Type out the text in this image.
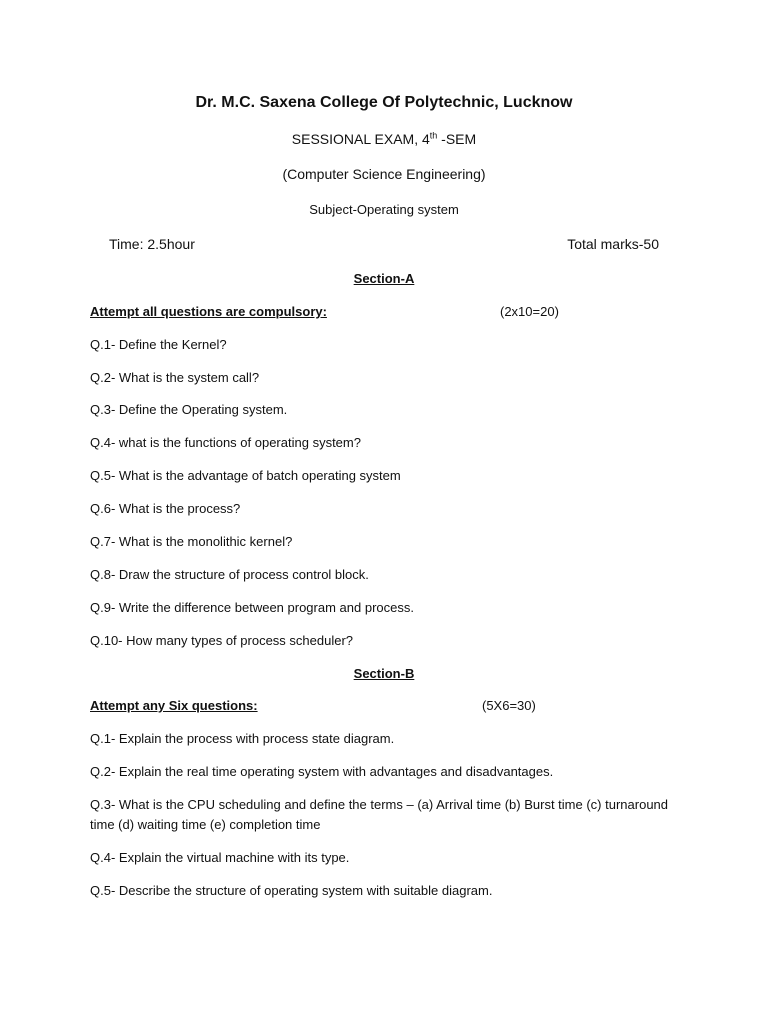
Dr. M.C. Saxena College Of Polytechnic, Lucknow
SESSIONAL EXAM, 4th -SEM
(Computer Science Engineering)
Subject-Operating system
Time: 2.5hour	Total marks-50
Section-A
Attempt all questions are compulsory:	(2x10=20)
Q.1- Define the Kernel?
Q.2- What is the system call?
Q.3- Define the Operating system.
Q.4- what is the functions of operating system?
Q.5- What is the advantage of batch operating system
Q.6- What is the process?
Q.7- What is the monolithic kernel?
Q.8- Draw the structure of process control block.
Q.9- Write the difference between program and process.
Q.10- How many types of process scheduler?
Section-B
Attempt any Six questions:	(5X6=30)
Q.1- Explain the process with process state diagram.
Q.2- Explain the real time operating system with advantages and disadvantages.
Q.3- What is the CPU scheduling and define the terms – (a) Arrival time (b) Burst time (c) turnaround time (d) waiting time (e) completion time
Q.4- Explain the virtual machine with its type.
Q.5- Describe the structure of operating system with suitable diagram.
